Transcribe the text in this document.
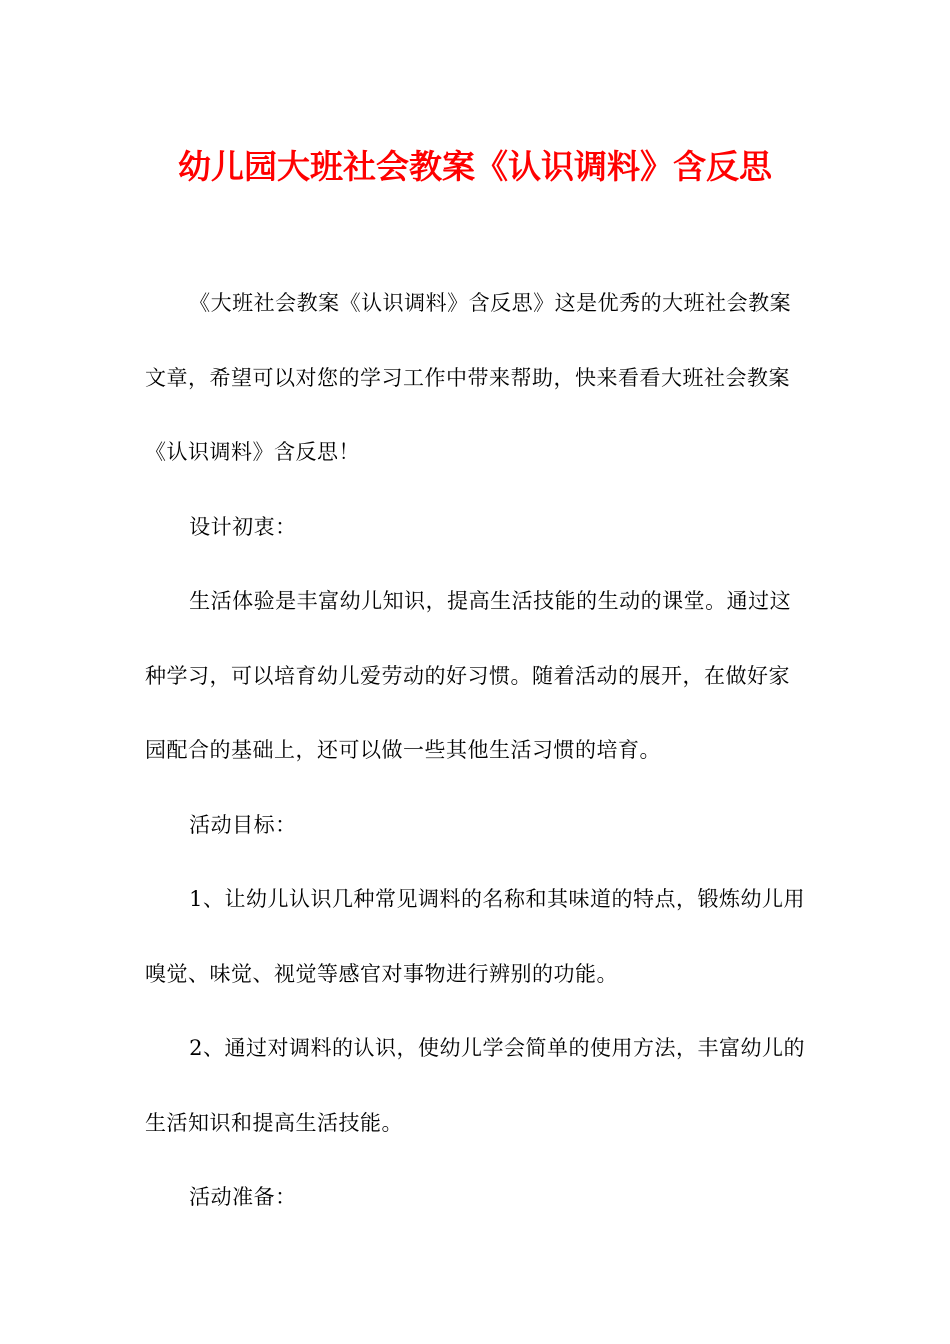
幼儿园大班社会教案《认识调料》含反思

《大班社会教案《认识调料》含反思》这是优秀的大班社会教案文章，希望可以对您的学习工作中带来帮助，快来看看大班社会教案《认识调料》含反思！

设计初衷：

生活体验是丰富幼儿知识，提高生活技能的生动的课堂。通过这种学习，可以培育幼儿爱劳动的好习惯。随着活动的展开，在做好家园配合的基础上，还可以做一些其他生活习惯的培育。

活动目标：

1、让幼儿认识几种常见调料的名称和其味道的特点，锻炼幼儿用嗅觉、味觉、视觉等感官对事物进行辨别的功能。

2、通过对调料的认识，使幼儿学会简单的使用方法，丰富幼儿的生活知识和提高生活技能。

活动准备：
